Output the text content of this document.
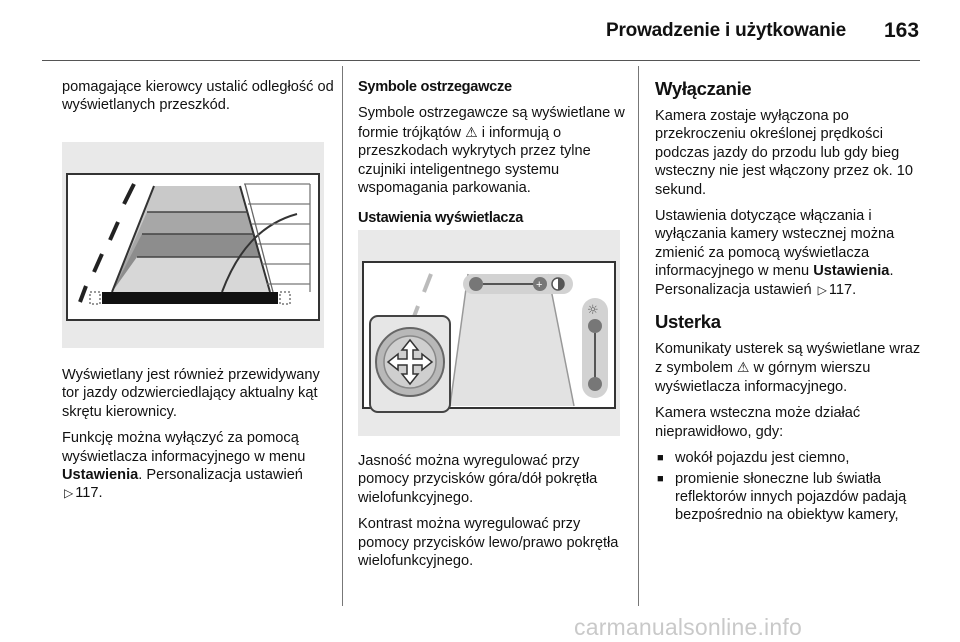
Prowadzenie i użytkowanie 163

pomagające kierowcy ustalić odległość od wyświetlanych przeszkód.

Wyświetlany jest również przewidywany tor jazdy odzwierciedlający aktualny kąt skrętu kierownicy.

Funkcję można wyłączyć za pomocą wyświetlacza informacyjnego w menu Ustawienia. Personalizacja ustawień ▷ 117.

Symbole ostrzegawcze

Symbole ostrzegawcze są wyświetlane w formie trójkątów ⚠ i informują o przeszkodach wykrytych przez tylne czujniki inteligentnego systemu wspomagania parkowania.

Ustawienia wyświetlacza

+
☼

Jasność można wyregulować przy pomocy przycisków góra/dół pokrętła wielofunkcyjnego.

Kontrast można wyregulować przy pomocy przycisków lewo/prawo pokrętła wielofunkcyjnego.

Wyłączanie

Kamera zostaje wyłączona po przekroczeniu określonej prędkości podczas jazdy do przodu lub gdy bieg wsteczny nie jest włączony przez ok. 10 sekund.

Ustawienia dotyczące włączania i wyłączania kamery wstecznej można zmienić za pomocą wyświetlacza informacyjnego w menu Ustawienia. Personalizacja ustawień ▷ 117.

Usterka

Komunikaty usterek są wyświetlane wraz z symbolem ⚠ w górnym wierszu wyświetlacza informacyjnego.

Kamera wsteczna może działać nieprawidłowo, gdy:

■ wokół pojazdu jest ciemno,
■ promienie słoneczne lub światła reflektorów innych pojazdów padają bezpośrednio na obiektyw kamery,
carmanualsonline.info
